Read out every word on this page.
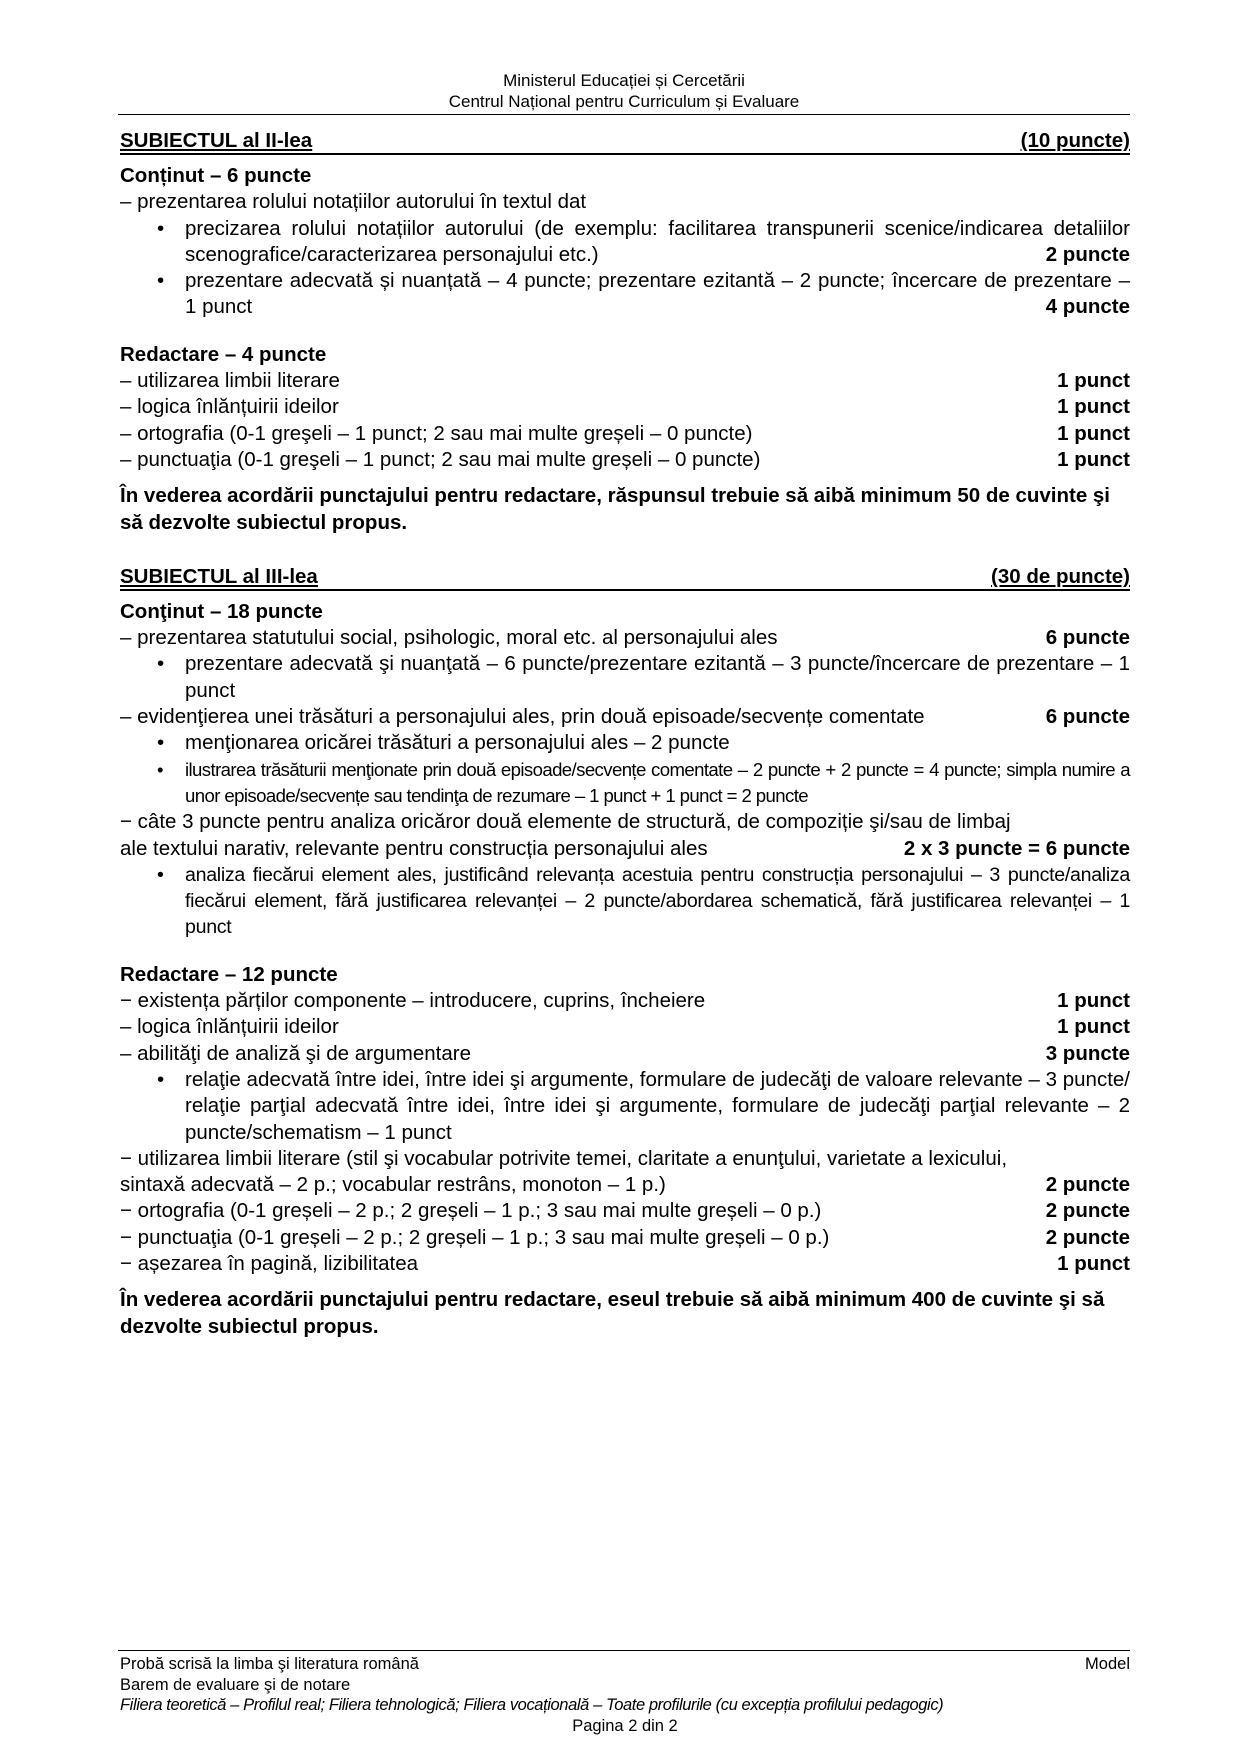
Ministerul Educației și Cercetării
Centrul Național pentru Curriculum și Evaluare
SUBIECTUL al II-lea	(10 puncte)
Conținut – 6 puncte
– prezentarea rolului notațiilor autorului în textul dat
• precizarea rolului notațiilor autorului (de exemplu: facilitarea transpunerii scenice/indicarea detaliilor scenografice/caracterizarea personajului etc.)	2 puncte
• prezentare adecvată și nuanțată – 4 puncte; prezentare ezitantă – 2 puncte; încercare de prezentare – 1 punct	4 puncte
Redactare – 4 puncte
– utilizarea limbii literare	1 punct
– logica înlănțuirii ideilor	1 punct
– ortografia (0-1 greşeli – 1 punct; 2 sau mai multe greșeli – 0 puncte)	1 punct
– punctuaţia (0-1 greşeli – 1 punct; 2 sau mai multe greșeli – 0 puncte)	1 punct
În vederea acordării punctajului pentru redactare, răspunsul trebuie să aibă minimum 50 de cuvinte şi să dezvolte subiectul propus.
SUBIECTUL al III-lea	(30 de puncte)
Conţinut – 18 puncte
– prezentarea statutului social, psihologic, moral etc. al personajului ales	6 puncte
• prezentare adecvată şi nuanţată – 6 puncte/prezentare ezitantă – 3 puncte/încercare de prezentare – 1 punct
– evidenţierea unei trăsături a personajului ales, prin două episoade/secvențe comentate	6 puncte
• menţionarea oricărei trăsături a personajului ales – 2 puncte
• ilustrarea trăsăturii menţionate prin două episoade/secvențe comentate – 2 puncte + 2 puncte = 4 puncte; simpla numire a unor episoade/secvențe sau tendinţa de rezumare – 1 punct + 1 punct = 2 puncte
− câte 3 puncte pentru analiza oricăror două elemente de structură, de compoziție şi/sau de limbaj
ale textului narativ, relevante pentru construcția personajului ales	2 x 3 puncte = 6 puncte
• analiza fiecărui element ales, justificând relevanța acestuia pentru construcția personajului – 3 puncte/analiza fiecărui element, fără justificarea relevanței – 2 puncte/abordarea schematică, fără justificarea relevanței – 1 punct
Redactare – 12 puncte
− existența părților componente – introducere, cuprins, încheiere	1 punct
– logica înlănțuirii ideilor	1 punct
– abilităţi de analiză şi de argumentare	3 puncte
• relaţie adecvată între idei, între idei şi argumente, formulare de judecăţi de valoare relevante – 3 puncte/ relaţie parţial adecvată între idei, între idei şi argumente, formulare de judecăţi parţial relevante – 2 puncte/schematism – 1 punct
− utilizarea limbii literare (stil şi vocabular potrivite temei, claritate a enunţului, varietate a lexicului,
sintaxă adecvată – 2 p.; vocabular restrâns, monoton – 1 p.)	2 puncte
− ortografia (0-1 greșeli – 2 p.; 2 greșeli – 1 p.; 3 sau mai multe greșeli – 0 p.)	2 puncte
− punctuaţia (0-1 greșeli – 2 p.; 2 greșeli – 1 p.; 3 sau mai multe greșeli – 0 p.)	2 puncte
− așezarea în pagină, lizibilitatea	1 punct
În vederea acordării punctajului pentru redactare, eseul trebuie să aibă minimum 400 de cuvinte şi să dezvolte subiectul propus.
Probă scrisă la limba şi literatura română	Model
Barem de evaluare şi de notare
Filiera teoretică – Profilul real; Filiera tehnologică; Filiera vocațională – Toate profilurile (cu excepția profilului pedagogic)
Pagina 2 din 2
